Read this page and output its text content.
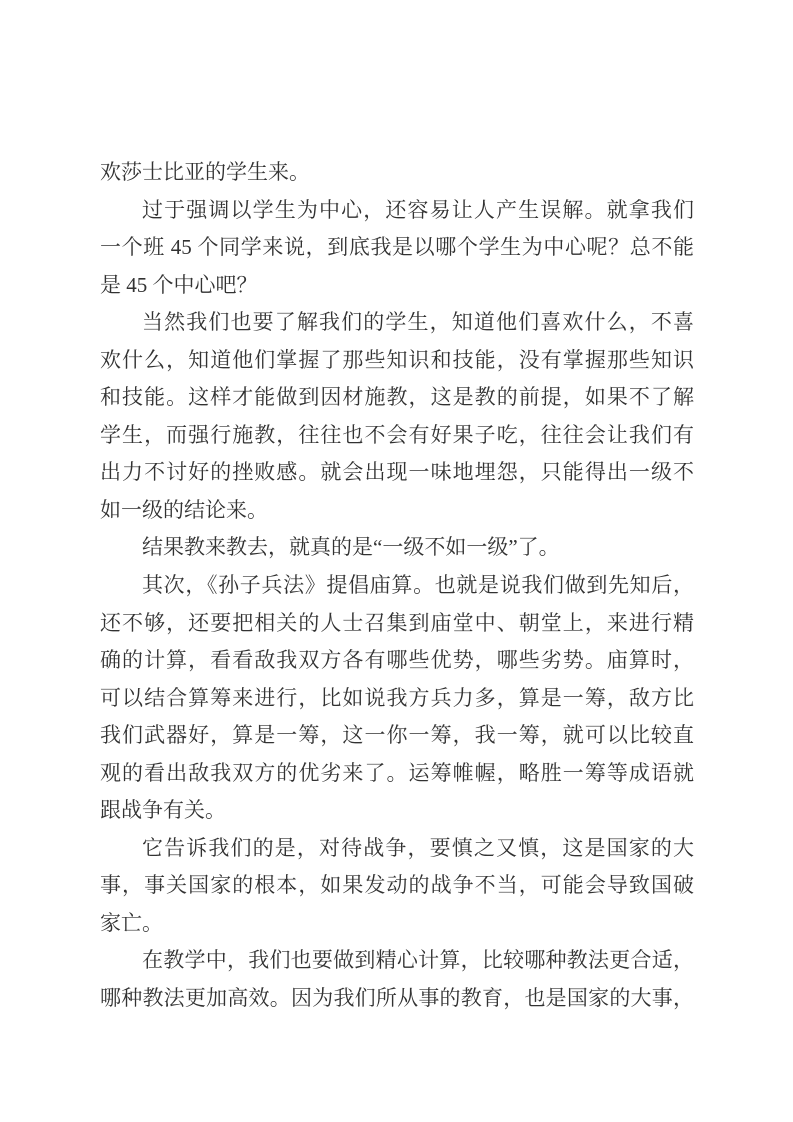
欢莎士比亚的学生来。
过于强调以学生为中心，还容易让人产生误解。就拿我们
一个班 45 个同学来说，到底我是以哪个学生为中心呢？总不能
是 45 个中心吧？
当然我们也要了解我们的学生，知道他们喜欢什么，不喜
欢什么，知道他们掌握了那些知识和技能，没有掌握那些知识
和技能。这样才能做到因材施教，这是教的前提，如果不了解
学生，而强行施教，往往也不会有好果子吃，往往会让我们有
出力不讨好的挫败感。就会出现一味地埋怨，只能得出一级不
如一级的结论来。
结果教来教去，就真的是“一级不如一级”了。
其次，《孙子兵法》提倡庙算。也就是说我们做到先知后，
还不够，还要把相关的人士召集到庙堂中、朝堂上，来进行精
确的计算，看看敌我双方各有哪些优势，哪些劣势。庙算时，
可以结合算筹来进行，比如说我方兵力多，算是一筹，敌方比
我们武器好，算是一筹，这一你一筹，我一筹，就可以比较直
观的看出敌我双方的优劣来了。运筹帷幄，略胜一筹等成语就
跟战争有关。
它告诉我们的是，对待战争，要慎之又慎，这是国家的大
事，事关国家的根本，如果发动的战争不当，可能会导致国破
家亡。
在教学中，我们也要做到精心计算，比较哪种教法更合适，
哪种教法更加高效。因为我们所从事的教育，也是国家的大事，
